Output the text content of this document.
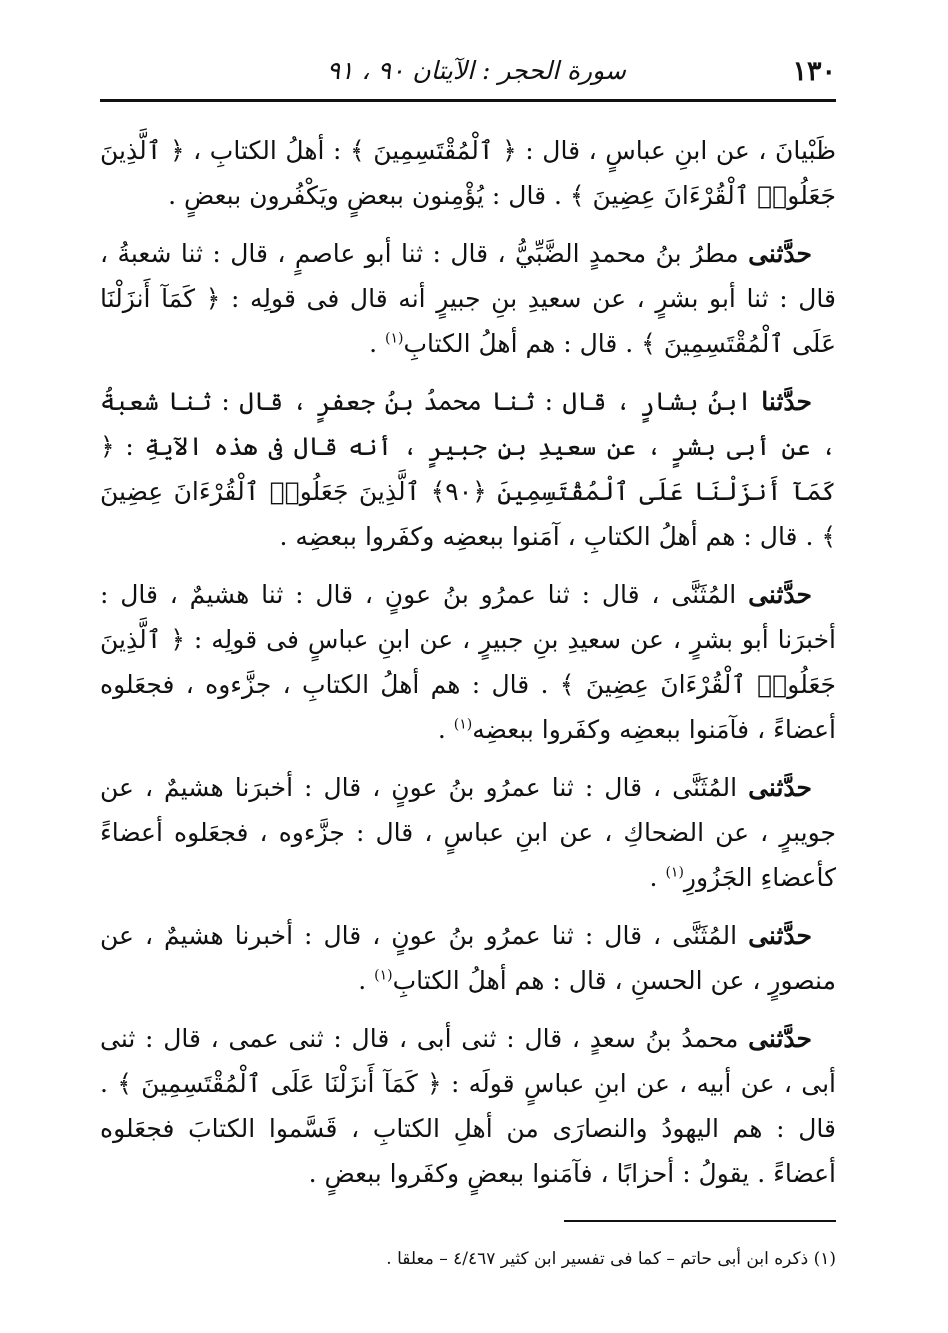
١٣٠
سورة الحجر : الآيتان ٩٠ ، ٩١

ظَبْيانَ ، عن ابنِ عباسٍ ، قال : ﴿ ٱلْمُقْتَسِمِينَ ﴾ : أهلُ الكتابِ ، ﴿ ٱلَّذِينَ جَعَلُوا۟ ٱلْقُرْءَانَ عِضِينَ ﴾ . قال : يُؤْمِنون ببعضٍ ويَكْفُرون ببعضٍ .

حدَّثنى مطرُ بنُ محمدٍ الضَّبِّيُّ ، قال : ثنا أبو عاصمٍ ، قال : ثنا شعبةُ ، قال : ثنا أبو بشرٍ ، عن سعيدِ بنِ جبيرٍ أنه قال فى قولِه : ﴿ كَمَآ أَنزَلْنَا عَلَى ٱلْمُقْتَسِمِينَ ﴾ . قال : هم أهلُ الكتابِ$^{(١)}$ .

حدَّثنا ابنُ بشارٍ ، قال : ثنا محمدُ بنُ جعفرٍ ، قال : ثنا شعبةُ ، عن أبى بشرٍ ، عن سعيدِ بنِ جبيرٍ ، أنه قال فى هذه الآيةِ : ﴿ كَمَآ أَنزَلْنَا عَلَى ٱلْمُقْتَسِمِينَ ﴿٩٠﴾ ٱلَّذِينَ جَعَلُوا۟ ٱلْقُرْءَانَ عِضِينَ ﴾ . قال : هم أهلُ الكتابِ ، آمَنوا ببعضِه وكفَروا ببعضِه .

حدَّثنى المُثَنَّى ، قال : ثنا عمرُو بنُ عونٍ ، قال : ثنا هشيمٌ ، قال : أخبرَنا أبو بشرٍ ، عن سعيدِ بنِ جبيرٍ ، عن ابنِ عباسٍ فى قولِه : ﴿ ٱلَّذِينَ جَعَلُوا۟ ٱلْقُرْءَانَ عِضِينَ ﴾ . قال : هم أهلُ الكتابِ ، جزَّءوه ، فجعَلوه أعضاءً ، فآمَنوا ببعضِه وكفَروا ببعضِه$^{(١)}$ .

حدَّثنى المُثَنَّى ، قال : ثنا عمرُو بنُ عونٍ ، قال : أخبرَنا هشيمٌ ، عن جويبرٍ ، عن الضحاكِ ، عن ابنِ عباسٍ ، قال : جزَّءوه ، فجعَلوه أعضاءً كأعضاءِ الجَزُورِ$^{(١)}$ .

حدَّثنى المُثَنَّى ، قال : ثنا عمرُو بنُ عونٍ ، قال : أخبرنا هشيمٌ ، عن منصورٍ ، عن الحسنِ ، قال : هم أهلُ الكتابِ$^{(١)}$ .

حدَّثنى محمدُ بنُ سعدٍ ، قال : ثنى أبى ، قال : ثنى عمى ، قال : ثنى أبى ، عن أبيه ، عن ابنِ عباسٍ قولَه : ﴿ كَمَآ أَنزَلْنَا عَلَى ٱلْمُقْتَسِمِينَ ﴾ . قال : هم اليهودُ والنصارَى من أهلِ الكتابِ ، قَسَّموا الكتابَ فجعَلوه أعضاءً . يقولُ : أحزابًا ، فآمَنوا ببعضٍ وكفَروا ببعضٍ .

(١) ذكره ابن أبى حاتم – كما فى تفسير ابن كثير ٤/٤٦٧ – معلقا .
